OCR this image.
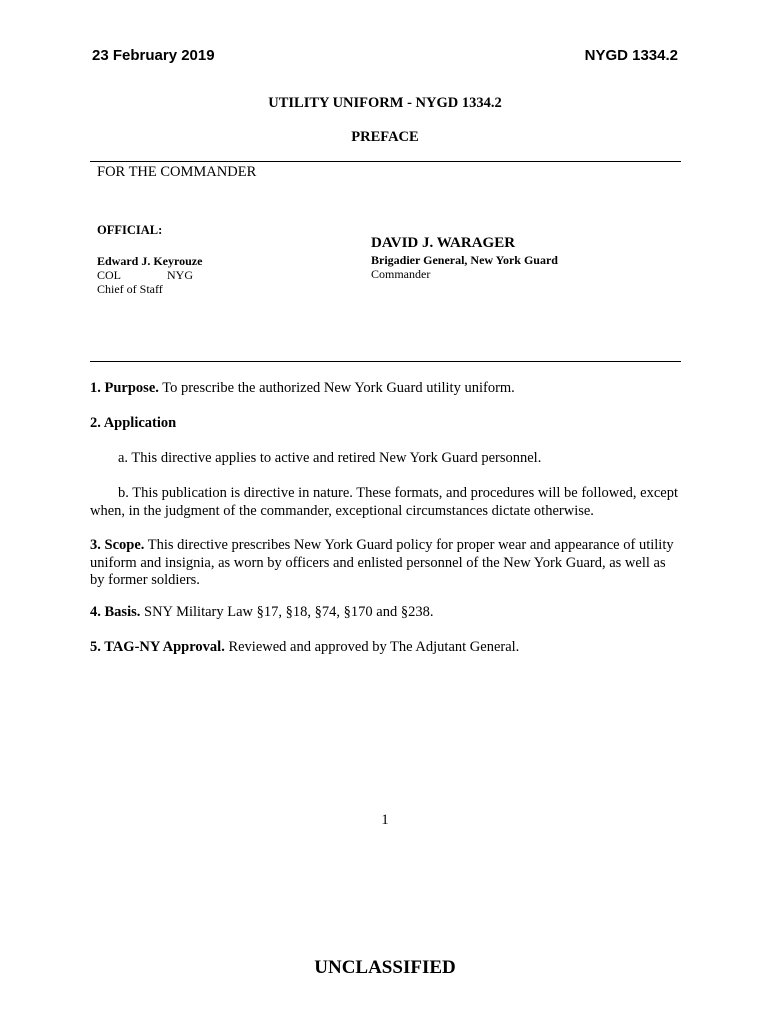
23 February 2019	NYGD 1334.2
UTILITY UNIFORM - NYGD 1334.2
PREFACE
FOR THE COMMANDER
OFFICIAL:
Edward J. Keyrouze
COL	NYG
Chief of Staff
DAVID J. WARAGER
Brigadier General, New York Guard
Commander
1. Purpose. To prescribe the authorized New York Guard utility uniform.
2. Application
a. This directive applies to active and retired New York Guard personnel.
b. This publication is directive in nature. These formats, and procedures will be followed, except when, in the judgment of the commander, exceptional circumstances dictate otherwise.
3. Scope. This directive prescribes New York Guard policy for proper wear and appearance of utility uniform and insignia, as worn by officers and enlisted personnel of the New York Guard, as well as by former soldiers.
4. Basis. SNY Military Law §17, §18, §74, §170 and §238.
5. TAG-NY Approval. Reviewed and approved by The Adjutant General.
1
UNCLASSIFIED
